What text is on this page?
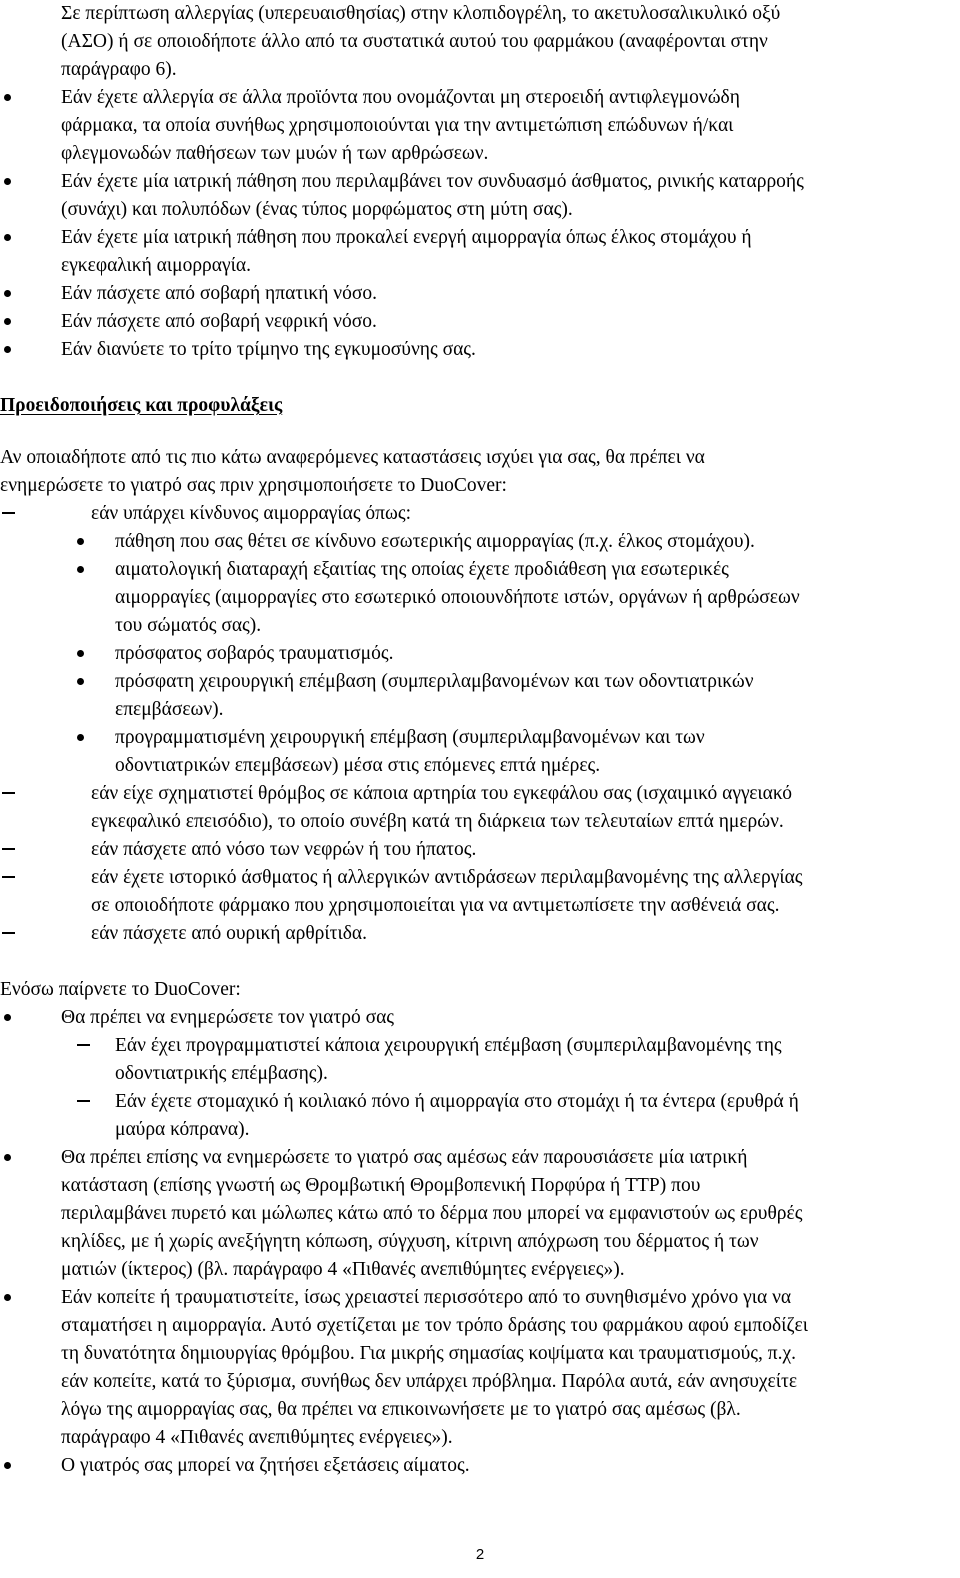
Σε περίπτωση αλλεργίας (υπερευαισθησίας) στην κλοπιδογρέλη, το ακετυλοσαλικυλικό οξύ
(ΑΣΟ) ή σε οποιοδήποτε άλλο από τα συστατικά αυτού του φαρμάκου (αναφέρονται στην
παράγραφο 6).
Εάν έχετε αλλεργία σε άλλα προϊόντα που ονομάζονται μη στεροειδή αντιφλεγμονώδη
φάρμακα, τα οποία συνήθως χρησιμοποιούνται για την αντιμετώπιση επώδυνων ή/και
φλεγμονωδών παθήσεων των μυών ή των αρθρώσεων.
Εάν έχετε μία ιατρική πάθηση που περιλαμβάνει τον συνδυασμό άσθματος, ρινικής καταρροής
(συνάχι) και πολυπόδων (ένας τύπος μορφώματος στη μύτη σας).
Εάν έχετε μία ιατρική πάθηση που προκαλεί ενεργή αιμορραγία όπως έλκος στομάχου ή
εγκεφαλική αιμορραγία.
Εάν πάσχετε από σοβαρή ηπατική νόσο.
Εάν πάσχετε από σοβαρή νεφρική νόσο.
Εάν διανύετε το τρίτο τρίμηνο της εγκυμοσύνης σας.
Προειδοποιήσεις και προφυλάξεις
Αν οποιαδήποτε από τις πιο κάτω αναφερόμενες καταστάσεις ισχύει για σας, θα πρέπει να
ενημερώσετε το γιατρό σας πριν χρησιμοποιήσετε το DuoCover:
εάν υπάρχει κίνδυνος αιμορραγίας όπως:
πάθηση που σας θέτει σε κίνδυνο εσωτερικής αιμορραγίας (π.χ. έλκος στομάχου).
αιματολογική διαταραχή εξαιτίας της οποίας έχετε προδιάθεση για εσωτερικές
αιμορραγίες (αιμορραγίες στο εσωτερικό οποιουνδήποτε ιστών, οργάνων ή αρθρώσεων
του σώματός σας).
πρόσφατος σοβαρός τραυματισμός.
πρόσφατη χειρουργική επέμβαση (συμπεριλαμβανομένων και των οδοντιατρικών
επεμβάσεων).
προγραμματισμένη χειρουργική επέμβαση (συμπεριλαμβανομένων και των
οδοντιατρικών επεμβάσεων) μέσα στις επόμενες επτά ημέρες.
εάν είχε σχηματιστεί θρόμβος σε κάποια αρτηρία του εγκεφάλου σας (ισχαιμικό αγγειακό
εγκεφαλικό επεισόδιο), το οποίο συνέβη κατά τη διάρκεια των τελευταίων επτά ημερών.
εάν πάσχετε από νόσο των νεφρών ή του ήπατος.
εάν έχετε ιστορικό άσθματος ή αλλεργικών αντιδράσεων περιλαμβανομένης της αλλεργίας
σε οποιοδήποτε φάρμακο που χρησιμοποιείται για να αντιμετωπίσετε την ασθένειά σας.
εάν πάσχετε από ουρική αρθρίτιδα.
Ενόσω παίρνετε το DuoCover:
Θα πρέπει να ενημερώσετε τον γιατρό σας
Εάν έχει προγραμματιστεί κάποια χειρουργική επέμβαση (συμπεριλαμβανομένης της
οδοντιατρικής επέμβασης).
Εάν έχετε στομαχικό ή κοιλιακό πόνο ή αιμορραγία στο στομάχι ή τα έντερα (ερυθρά ή
μαύρα κόπρανα).
Θα πρέπει επίσης να ενημερώσετε το γιατρό σας αμέσως εάν παρουσιάσετε μία ιατρική
κατάσταση (επίσης γνωστή ως Θρομβωτική Θρομβοπενική Πορφύρα ή TTP) που
περιλαμβάνει πυρετό και μώλωπες κάτω από το δέρμα που μπορεί να εμφανιστούν ως ερυθρές
κηλίδες, με ή χωρίς ανεξήγητη κόπωση, σύγχυση, κίτρινη απόχρωση του δέρματος ή των
ματιών (ίκτερος) (βλ. παράγραφο 4 «Πιθανές ανεπιθύμητες ενέργειες»).
Εάν κοπείτε ή τραυματιστείτε, ίσως χρειαστεί περισσότερο από το συνηθισμένο χρόνο για να
σταματήσει η αιμορραγία. Αυτό σχετίζεται με τον τρόπο δράσης του φαρμάκου αφού εμποδίζει
τη δυνατότητα δημιουργίας θρόμβου. Για μικρής σημασίας κοψίματα και τραυματισμούς, π.χ.
εάν κοπείτε, κατά το ξύρισμα, συνήθως δεν υπάρχει πρόβλημα. Παρόλα αυτά, εάν ανησυχείτε
λόγω της αιμορραγίας σας, θα πρέπει να επικοινωνήσετε με το γιατρό σας αμέσως (βλ.
παράγραφο 4 «Πιθανές ανεπιθύμητες ενέργειες»).
Ο γιατρός σας μπορεί να ζητήσει εξετάσεις αίματος.
2
